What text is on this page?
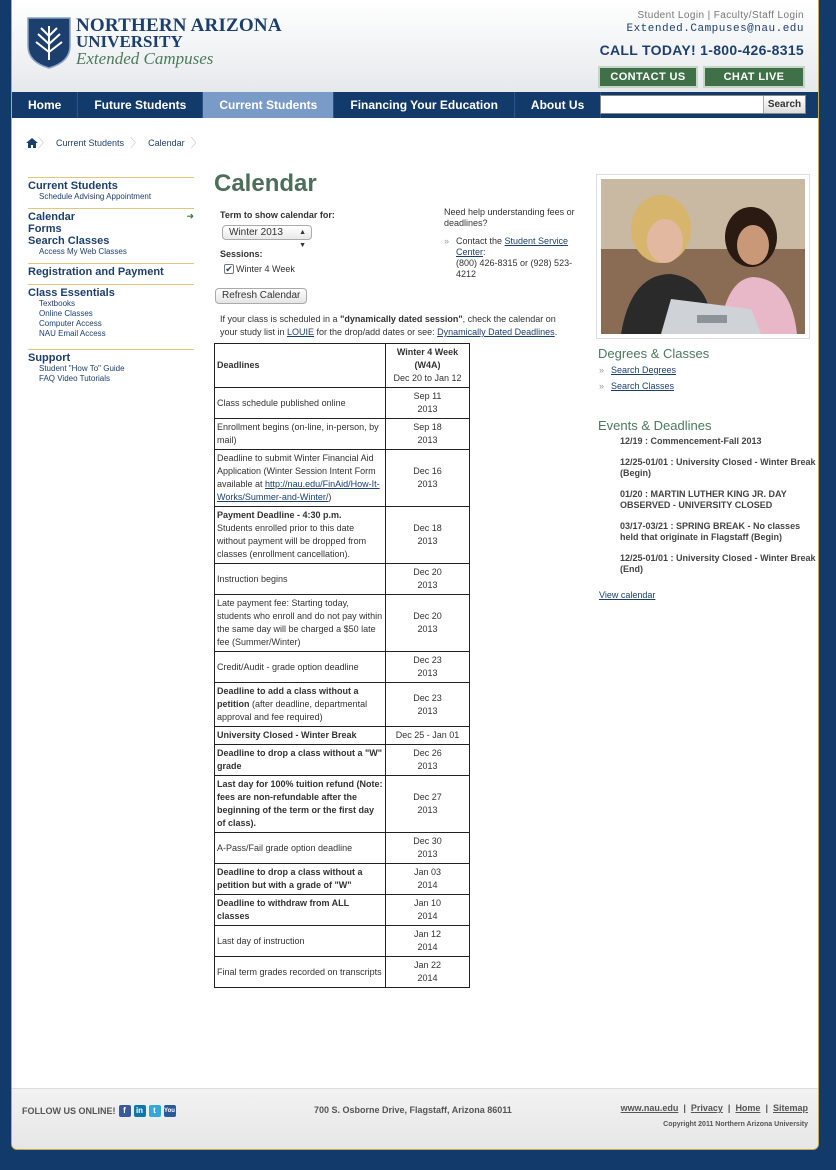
NORTHERN ARIZONA
UNIVERSITY
Extended Campuses
Student Login | Faculty/Staff Login
Extended.Campuses@nau.edu
CALL TODAY! 1-800-426-8315
CONTACT US	CHAT LIVE
Home	Future Students	Current Students	Financing Your Education	About Us	Search
〉 Current Students 〉 Calendar 〉
Current Students
Schedule Advising Appointment
Calendar	➜
Forms
Search Classes
Access My Web Classes
Registration and Payment
Class Essentials
Textbooks
Online Classes
Computer Access
NAU Email Access
Support
Student "How To" Guide
FAQ Video Tutorials
Calendar
Term to show calendar for:
Winter 2013 ▲
▼
Sessions:
✔ Winter 4 Week
Need help understanding fees or deadlines?
» Contact the Student Service Center:
(800) 426-8315 or (928) 523-4212
Refresh Calendar
If your class is scheduled in a "dynamically dated session", check the calendar on your study list in LOUIE for the drop/add dates or see: Dynamically Dated Deadlines.
Deadlines	Winter 4 Week (W4A)
Dec 20 to Jan 12
Class schedule published online	Sep 11
2013
Enrollment begins (on-line, in-person, by mail)	Sep 18
2013
Deadline to submit Winter Financial Aid Application (Winter Session Intent Form available at http://nau.edu/FinAid/How-It-Works/Summer-and-Winter/)	Dec 16
2013
Payment Deadline - 4:30 p.m.
Students enrolled prior to this date without payment will be dropped from classes (enrollment cancellation).	Dec 18
2013
Instruction begins	Dec 20
2013
Late payment fee: Starting today, students who enroll and do not pay within the same day will be charged a $50 late fee (Summer/Winter)	Dec 20
2013
Credit/Audit - grade option deadline	Dec 23
2013
Deadline to add a class without a petition (after deadline, departmental approval and fee required)	Dec 23
2013
University Closed - Winter Break	Dec 25 - Jan 01
Deadline to drop a class without a "W" grade	Dec 26
2013
Last day for 100% tuition refund (Note: fees are non-refundable after the beginning of the term or the first day of class).	Dec 27
2013
A-Pass/Fail grade option deadline	Dec 30
2013
Deadline to drop a class without a petition but with a grade of "W"	Jan 03
2014
Deadline to withdraw from ALL classes	Jan 10
2014
Last day of instruction	Jan 12
2014
Final term grades recorded on transcripts	Jan 22
2014
Degrees & Classes
» Search Degrees
» Search Classes
Events & Deadlines
12/19 : Commencement-Fall 2013
12/25-01/01 : University Closed - Winter Break (Begin)
01/20 : MARTIN LUTHER KING JR. DAY OBSERVED - UNIVERSITY CLOSED
03/17-03/21 : SPRING BREAK - No classes held that originate in Flagstaff (Begin)
12/25-01/01 : University Closed - Winter Break (End)
View calendar
FOLLOW US ONLINE! f	in	t	You	700 S. Osborne Drive, Flagstaff, Arizona 86011	www.nau.edu  |  Privacy  |  Home  |  Sitemap
Copyright 2011 Northern Arizona University
